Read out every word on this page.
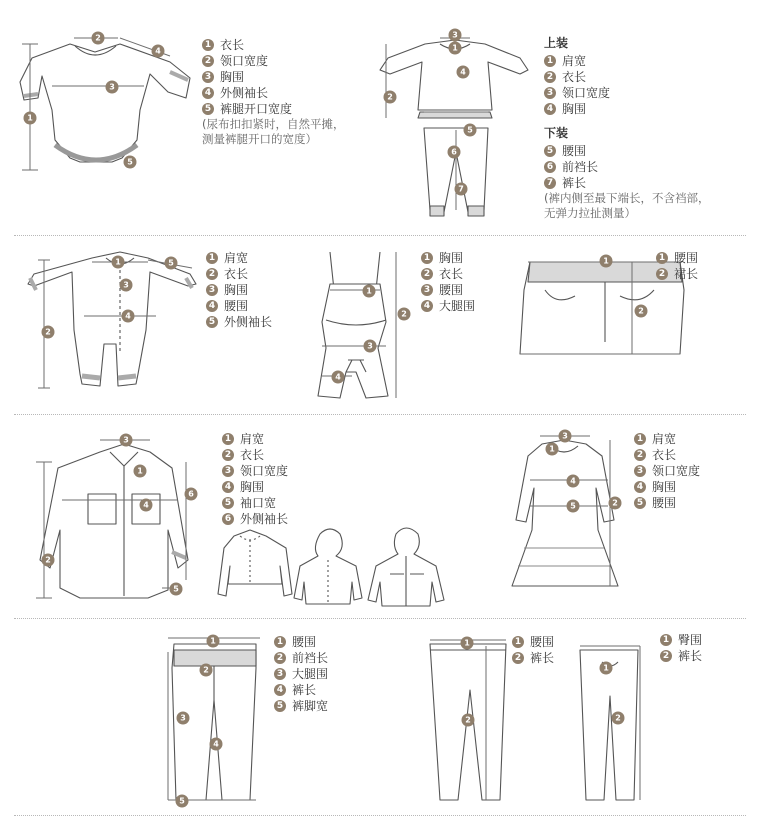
1
2
3
4
5
3
1
4
2
5
6
7
1	5
3
2
4
1
2
3
4
1
2
3
1
6
4
2
5
3
1
4
2
5
1
2
3
4
5
1
2
1
2
1 衣长
2 领口宽度
3 胸围
4 外侧袖长
5 裤腿开口宽度
(尿布扣扣紧时，自然平摊，
测量裤腿开口的宽度）
上装
1 肩宽
2 衣长
3 领口宽度
4 胸围
下装
5 腰围
6 前裆长
7 裤长
(裤内侧至最下端长，不含裆部，
无弹力拉扯测量）
1 肩宽
2 衣长
3 胸围
4 腰围
5 外侧袖长
1 胸围
2 衣长
3 腰围
4 大腿围
1 腰围
2 裙长
1 肩宽
2 衣长
3 领口宽度
4 胸围
5 袖口宽
6 外侧袖长
1 肩宽
2 衣长
3 领口宽度
4 胸围
5 腰围
1 腰围
2 前裆长
3 大腿围
4 裤长
5 裤脚宽
1 腰围
2 裤长
1 臀围
2 裤长
